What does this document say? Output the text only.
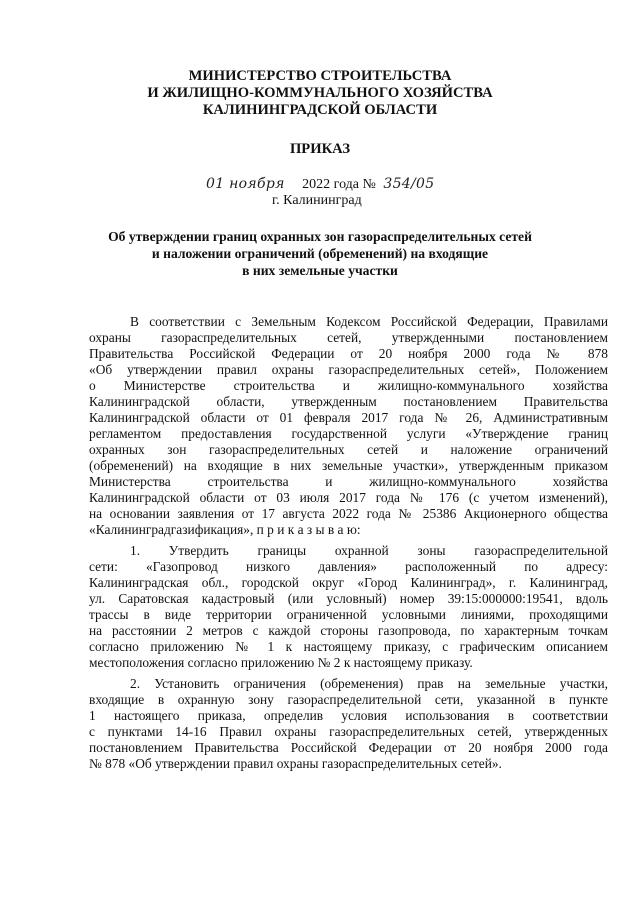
МИНИСТЕРСТВО СТРОИТЕЛЬСТВА
И ЖИЛИЩНО-КОММУНАЛЬНОГО ХОЗЯЙСТВА
КАЛИНИНГРАДСКОЙ ОБЛАСТИ
ПРИКАЗ
01 ноября 2022 года № 354/05
г. Калининград
Об утверждении границ охранных зон газораспределительных сетей
и наложении ограничений (обременений) на входящие
в них земельные участки
В соответствии с Земельным Кодексом Российской Федерации, Правилами
охраны газораспределительных сетей, утвержденными постановлением
Правительства Российской Федерации от 20 ноября 2000 года № 878
«Об утверждении правил охраны газораспределительных сетей», Положением
о Министерстве строительства и жилищно-коммунального хозяйства
Калининградской области, утвержденным постановлением Правительства
Калининградской области от 01 февраля 2017 года № 26, Административным
регламентом предоставления государственной услуги «Утверждение границ
охранных зон газораспределительных сетей и наложение ограничений
(обременений) на входящие в них земельные участки», утвержденным приказом
Министерства строительства и жилищно-коммунального хозяйства
Калининградской области от 03 июля 2017 года № 176 (с учетом изменений),
на основании заявления от 17 августа 2022 года № 25386 Акционерного общества
«Калининградгазификация», п р и к а з ы в а ю:
1. Утвердить границы охранной зоны газораспределительной
сети: «Газопровод низкого давления» расположенный по адресу:
Калининградская обл., городской округ «Город Калининград», г. Калининград,
ул. Саратовская кадастровый (или условный) номер 39:15:000000:19541, вдоль
трассы в виде территории ограниченной условными линиями, проходящими
на расстоянии 2 метров с каждой стороны газопровода, по характерным точкам
согласно приложению № 1 к настоящему приказу, с графическим описанием
местоположения согласно приложению № 2 к настоящему приказу.
2. Установить ограничения (обременения) прав на земельные участки,
входящие в охранную зону газораспределительной сети, указанной в пункте
1 настоящего приказа, определив условия использования в соответствии
с пунктами 14-16 Правил охраны газораспределительных сетей, утвержденных
постановлением Правительства Российской Федерации от 20 ноября 2000 года
№ 878 «Об утверждении правил охраны газораспределительных сетей».
